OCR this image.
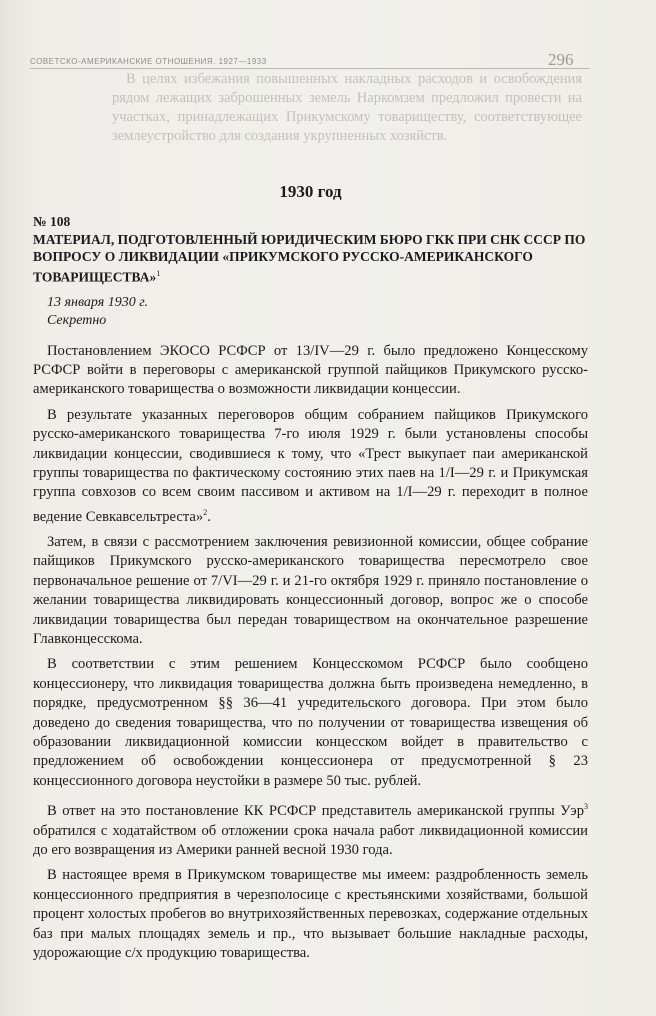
СОВЕТСКО-АМЕРИКАНСКИЕ ОТНОШЕНИЯ. 1927—1933	296

В целях избежания повышенных накладных расходов и освобождения рядом лежащих заброшенных земель Наркомзем предложил провести на участках, принадлежащих Прикумскому товариществу, соответствующее землеустройство для создания укрупненных хозяйств.

1930 год
№ 108
МАТЕРИАЛ, ПОДГОТОВЛЕННЫЙ ЮРИДИЧЕСКИМ БЮРО ГКК ПРИ СНК СССР ПО ВОПРОСУ О ЛИКВИДАЦИИ «ПРИКУМСКОГО РУССКО-АМЕРИКАНСКОГО ТОВАРИЩЕСТВА»$^1$
13 января 1930 г.
Секретно

Постановлением ЭКОСО РСФСР от 13/IV—29 г. было предложено Концесскому РСФСР войти в переговоры с американской группой пайщиков Прикумского русско-американского товарищества о возможности ликвидации концессии.

В результате указанных переговоров общим собранием пайщиков Прикумского русско-американского товарищества 7-го июля 1929 г. были установлены способы ликвидации концессии, сводившиеся к тому, что «Трест выкупает паи американской группы товарищества по фактическому состоянию этих паев на 1/I—29 г. и Прикумская группа совхозов со всем своим пассивом и активом на 1/I—29 г. переходит в полное ведение Севкавсельтреста»$^2$.

Затем, в связи с рассмотрением заключения ревизионной комиссии, общее собрание пайщиков Прикумского русско-американского товарищества пересмотрело свое первоначальное решение от 7/VI—29 г. и 21-го октября 1929 г. приняло постановление о желании товарищества ликвидировать концессионный договор, вопрос же о способе ликвидации товарищества был передан товариществом на окончательное разрешение Главконцесскома.

В соответствии с этим решением Концесскомом РСФСР было сообщено концессионеру, что ликвидация товарищества должна быть произведена немедленно, в порядке, предусмотренном §§ 36—41 учредительского договора. При этом было доведено до сведения товарищества, что по получении от товарищества извещения об образовании ликвидационной комиссии концесском войдет в правительство с предложением об освобождении концессионера от предусмотренной § 23 концессионного договора неустойки в размере 50 тыс. рублей.

В ответ на это постановление КК РСФСР представитель американской группы Уэр$^3$ обратился с ходатайством об отложении срока начала работ ликвидационной комиссии до его возвращения из Америки ранней весной 1930 года.

В настоящее время в Прикумском товариществе мы имеем: раздробленность земель концессионного предприятия в черезполосице с крестьянскими хозяйствами, большой процент холостых пробегов во внутрихозяйственных перевозках, содержание отдельных баз при малых площадях земель и пр., что вызывает большие накладные расходы, удорожающие с/х продукцию товарищества.
